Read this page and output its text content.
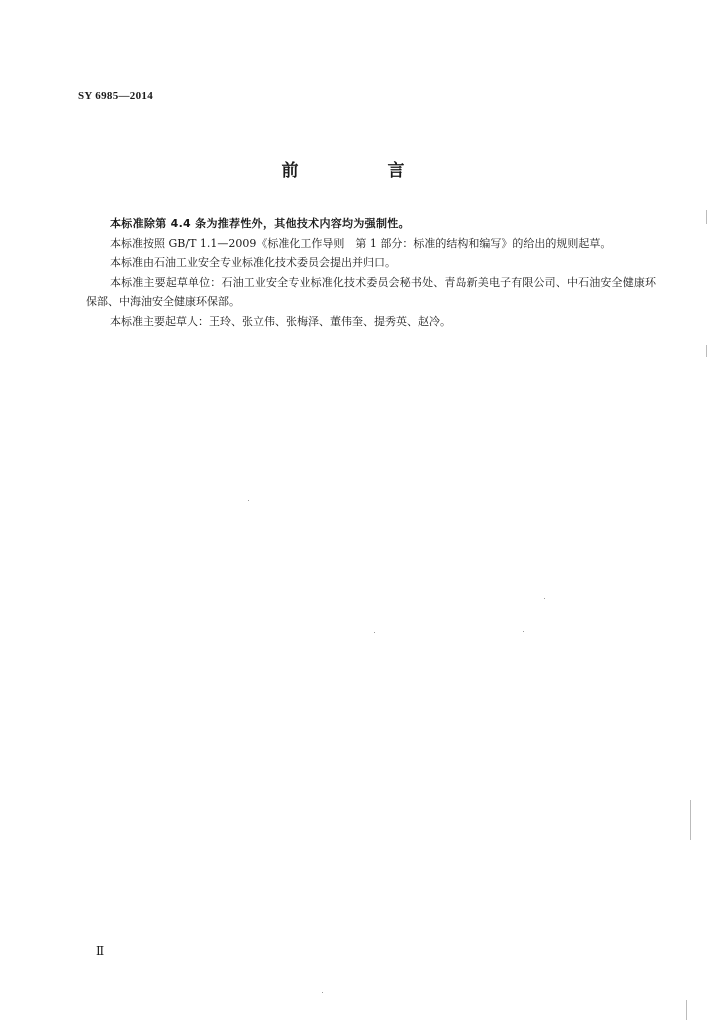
SY 6985—2014
前　言

本标准除第 4.4 条为推荐性外，其他技术内容均为强制性。

本标准按照 GB/T 1.1—2009《标准化工作导则　第 1 部分：标准的结构和编写》的给出的规则起草。

本标准由石油工业安全专业标准化技术委员会提出并归口。

本标准主要起草单位：石油工业安全专业标准化技术委员会秘书处、青岛新美电子有限公司、中石油安全健康环保部、中海油安全健康环保部。

本标准主要起草人：王玲、张立伟、张梅泽、董伟奎、提秀英、赵冷。

Ⅱ
